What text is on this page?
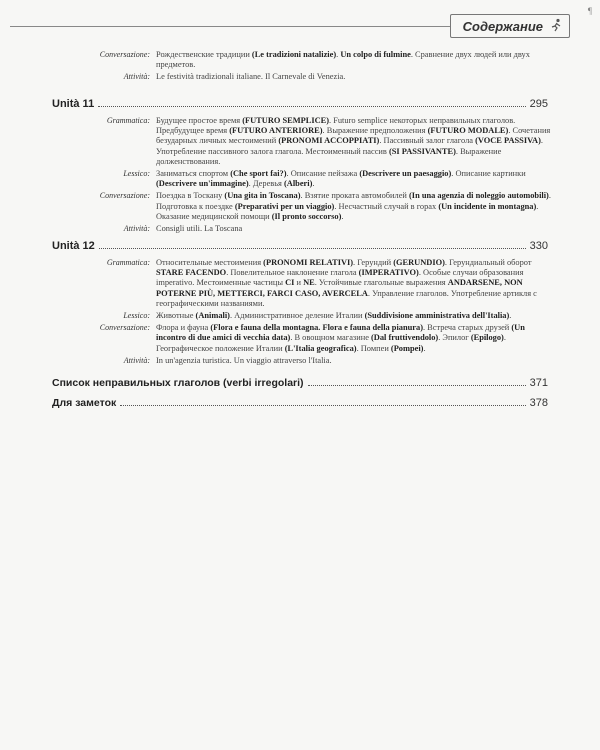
¶
Содержание
Conversazione: Рождественские традиции (Le tradizioni natalizie). Un colpo di fulmine. Сравнение двух людей или двух предметов.
Attività: Le festività tradizionali italiane. Il Carnevale di Venezia.
Unità 11	295
Grammatica: Будущее простое время (FUTURO SEMPLICE). Futuro semplice некоторых неправильных глаголов. Предбудущее время (FUTURO ANTERIORE). Выражение предположения (FUTURO MODALE). Сочетания безударных личных местоимений (PRONOMI ACCOPPIATI). Пассивный залог глагола (VOCE PASSIVA). Употребление пассивного залога глагола. Местоименный пассив (SI PASSIVANTE). Выражение долженствования.
Lessico: Заниматься спортом (Che sport fai?). Описание пейзажа (Descrivere un paesaggio). Описание картинки (Descrivere un'immagine). Деревья (Alberi).
Conversazione: Поездка в Тоскану (Una gita in Toscana). Взятие проката автомобилей (In una agenzia di noleggio automobili). Подготовка к поездке (Preparativi per un viaggio). Несчастный случай в горах (Un incidente in montagna). Оказание медицинской помощи (Il pronto soccorso).
Attività: Consigli utili. La Toscana
Unità 12	330
Grammatica: Относительные местоимения (PRONOMI RELATIVI). Герундий (GERUNDIO). Герундиальный оборот STARE FACENDO. Повелительное наклонение глагола (IMPERATIVO). Особые случаи образования imperativo. Местоименные частицы CI и NE. Устойчивые глагольные выражения ANDARSENE, NON POTERNE PIÙ, METTERCI, FARCI CASO, AVERCELA. Управление глаголов. Употребление артикля с географическими названиями.
Lessico: Животные (Animali). Административное деление Италии (Suddivisione amministrativa dell'Italia).
Conversazione: Флора и фауна (Flora e fauna della montagna. Flora e fauna della pianura). Встреча старых друзей (Un incontro di due amici di vecchia data). В овощном магазине (Dal fruttivendolo). Эпилог (Epilogo). Географическое положение Италии (L'Italia geografica). Помпеи (Pompei).
Attività: In un'agenzia turistica. Un viaggio attraverso l'Italia.
Список неправильных глаголов (verbi irregolari)	371
Для заметок	378
